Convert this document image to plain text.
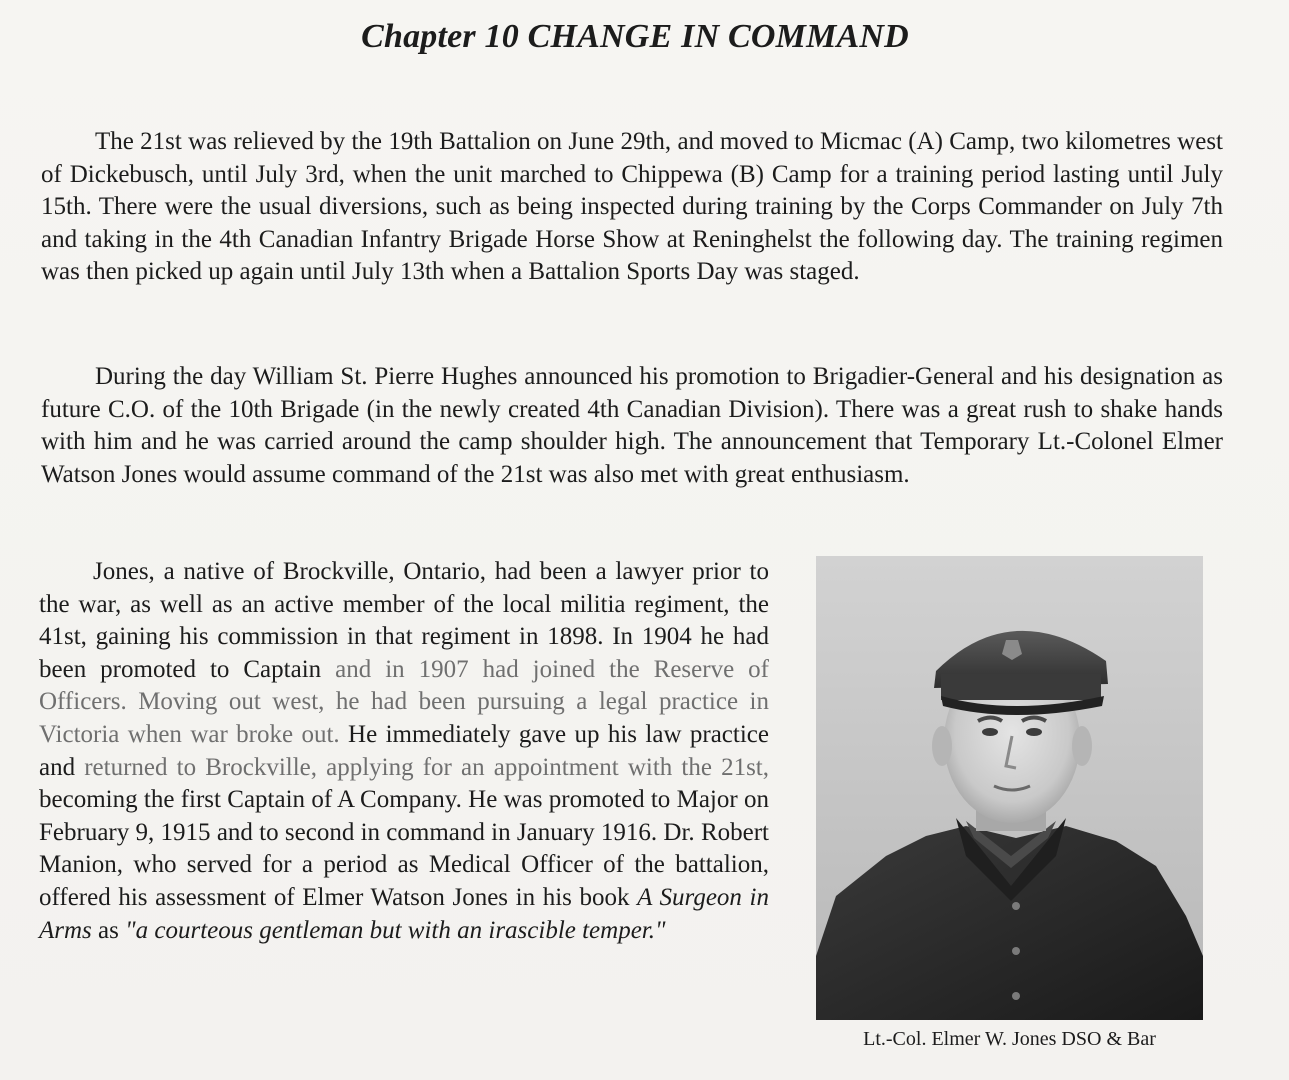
Chapter 10 CHANGE IN COMMAND

The 21st was relieved by the 19th Battalion on June 29th, and moved to Micmac (A) Camp, two kilometres west of Dickebusch, until July 3rd, when the unit marched to Chippewa (B) Camp for a training period lasting until July 15th. There were the usual diversions, such as being inspected during training by the Corps Commander on July 7th and taking in the 4th Canadian Infantry Brigade Horse Show at Reninghelst the following day. The training regimen was then picked up again until July 13th when a Battalion Sports Day was staged.

During the day William St. Pierre Hughes announced his promotion to Brigadier-General and his designation as future C.O. of the 10th Brigade (in the newly created 4th Canadian Division). There was a great rush to shake hands with him and he was carried around the camp shoulder high. The announcement that Temporary Lt.-Colonel Elmer Watson Jones would assume command of the 21st was also met with great enthusiasm.

Jones, a native of Brockville, Ontario, had been a lawyer prior to the war, as well as an active member of the local militia regiment, the 41st, gaining his commission in that regiment in 1898. In 1904 he had been promoted to Captain and in 1907 had joined the Reserve of Officers. Moving out west, he had been pursuing a legal practice in Victoria when war broke out. He immediately gave up his law practice and returned to Brockville, applying for an appointment with the 21st, becoming the first Captain of A Company. He was promoted to Major on February 9, 1915 and to second in command in January 1916. Dr. Robert Manion, who served for a period as Medical Officer of the battalion, offered his assessment of Elmer Watson Jones in his book A Surgeon in Arms as "a courteous gentleman but with an irascible temper."

Lt.-Col. Elmer W. Jones DSO & Bar
